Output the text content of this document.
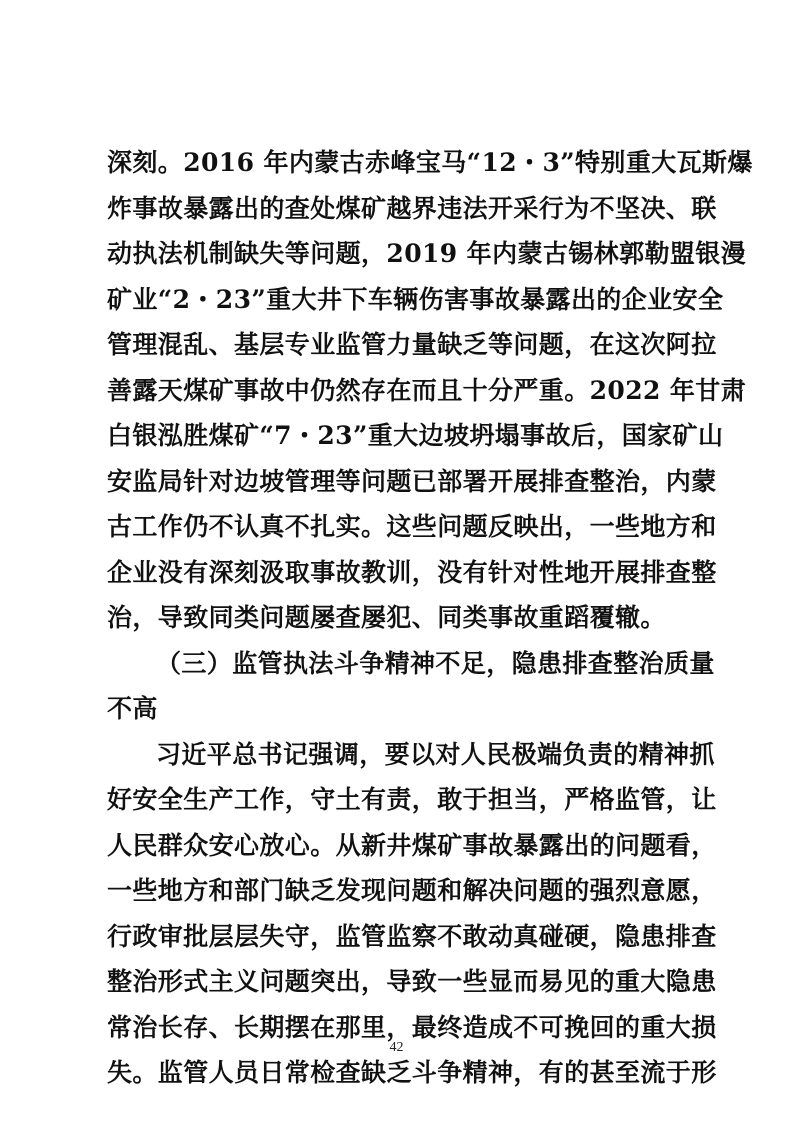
深刻。2016 年内蒙古赤峰宝马“12・3”特别重大瓦斯爆
炸事故暴露出的查处煤矿越界违法开采行为不坚决、联
动执法机制缺失等问题，2019 年内蒙古锡林郭勒盟银漫
矿业“2・23”重大井下车辆伤害事故暴露出的企业安全
管理混乱、基层专业监管力量缺乏等问题，在这次阿拉
善露天煤矿事故中仍然存在而且十分严重。2022 年甘肃
白银泓胜煤矿“7・23”重大边坡坍塌事故后，国家矿山
安监局针对边坡管理等问题已部署开展排查整治，内蒙
古工作仍不认真不扎实。这些问题反映出，一些地方和
企业没有深刻汲取事故教训，没有针对性地开展排查整
治，导致同类问题屡查屡犯、同类事故重蹈覆辙。
（三）监管执法斗争精神不足，隐患排查整治质量
不高
习近平总书记强调，要以对人民极端负责的精神抓
好安全生产工作，守土有责，敢于担当，严格监管，让
人民群众安心放心。从新井煤矿事故暴露出的问题看，
一些地方和部门缺乏发现问题和解决问题的强烈意愿，
行政审批层层失守，监管监察不敢动真碰硬，隐患排查
整治形式主义问题突出，导致一些显而易见的重大隐患
常治长存、长期摆在那里，最终造成不可挽回的重大损
失。监管人员日常检查缺乏斗争精神，有的甚至流于形
42
